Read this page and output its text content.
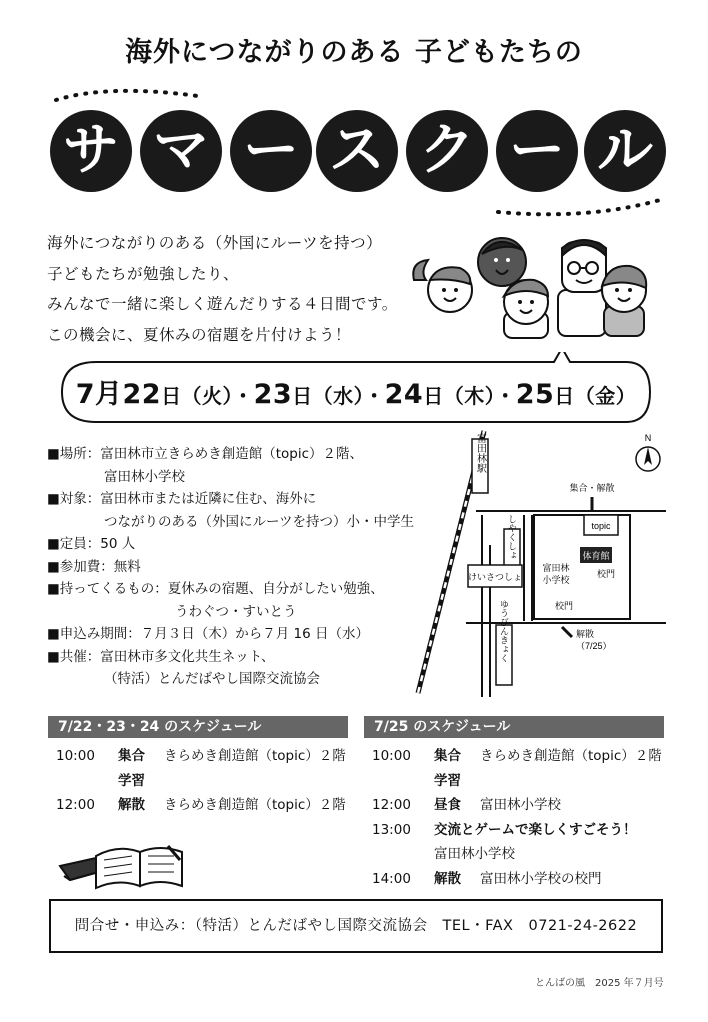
海外につながりのある 子どもたちの
サ マ ー ス ク ー ル

海外につながりのある（外国にルーツを持つ）

子どもたちが勉強したり、

みんなで一緒に楽しく遊んだりする４日間です。

この機会に、夏休みの宿題を片付けよう！

7月22日（火）・23日（水）・24日（木）・25日（金）
■場所：富田林市立きらめき創造館（topic）２階、
富田林小学校
■対象：富田林市または近隣に住む、海外に
つながりのある（外国にルーツを持つ）小・中学生
■定員：50 人
■参加費：無料
■持ってくるもの：夏休みの宿題、自分がしたい勉強、
うわぐつ・すいとう
■申込み期間：７月３日（木）から７月 16 日（水）
■共催：富田林市多文化共生ネット、
（特活）とんだばやし国際交流協会
富田林駅	N
集合・解散
topic
しやくしょ
けいさつしょ
体育館
富田林
小学校
校門
校門
解散
（7/25）
ゆうびんきょく
7/22・23・24 のスケジュール
10:00	集合 きらめき創造館（topic）２階
学習
12:00	解散 きらめき創造館（topic）２階
7/25 のスケジュール
10:00	集合 きらめき創造館（topic）２階
学習
12:00	昼食 富田林小学校
13:00	交流とゲームで楽しくすごそう！
富田林小学校
14:00	解散 富田林小学校の校門
問合せ・申込み：（特活）とんだばやし国際交流協会　TEL・FAX　0721-24-2622
とんばの風　2025 年７月号
